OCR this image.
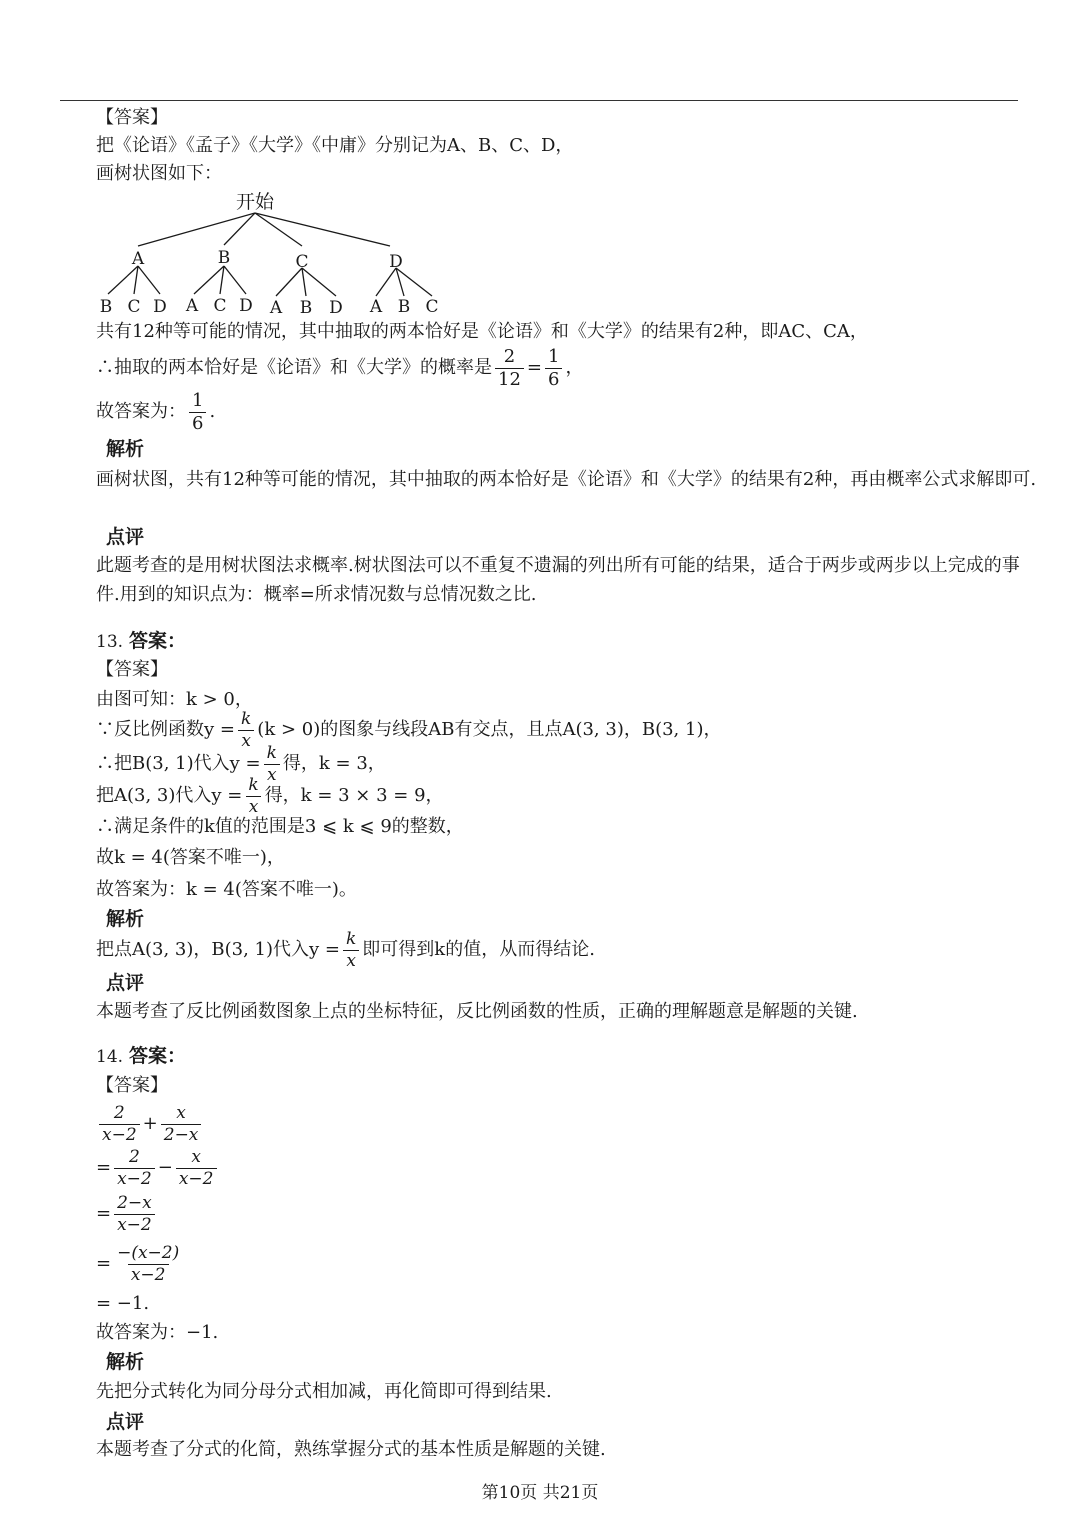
【答案】
把《论语》《孟子》《大学》《中庸》分别记为A、B、C、D，
画树状图如下：
开始
A	B	C	D
B C D A C D A B D A B C
共有12种等可能的情况，其中抽取的两本恰好是《论语》和《大学》的结果有2种，即AC、CA，
∴抽取的两本恰好是《论语》和《大学》的概率是 $\frac{2}{12} = \frac{1}{6}$ ，
故答案为： $\frac{1}{6}$ .
解析
画树状图，共有12种等可能的情况，其中抽取的两本恰好是《论语》和《大学》的结果有2种，再由概率公式求解即可.
点评
此题考查的是用树状图法求概率.树状图法可以不重复不遗漏的列出所有可能的结果，适合于两步或两步以上完成的事件.用到的知识点为：概率=所求情况数与总情况数之比.
13. 答案：
【答案】
由图可知：k > 0，
∵反比例函数$y = \frac{k}{x} (k > 0)$的图象与线段AB有交点，且点A(3, 3)，B(3, 1)，
∴把B(3, 1)代入$y = \frac{k}{x}$ 得，k = 3，
把A(3, 3)代入$y = \frac{k}{x}$ 得，k = 3 × 3 = 9，
∴满足条件的k值的范围是3 ⩽ k ⩽ 9的整数，
故k = 4(答案不唯一)，
故答案为：k = 4(答案不唯一)。
解析
把点A(3, 3)，B(3, 1)代入$y = \frac{k}{x}$ 即可得到k的值，从而得结论.
点评
本题考查了反比例函数图象上点的坐标特征，反比例函数的性质，正确的理解题意是解题的关键.
14. 答案：
【答案】
$\frac{2}{x-2} + \frac{x}{2-x}$
= $\frac{2}{x-2} - \frac{x}{x-2}$
= $\frac{2-x}{x-2}$
= $\frac{-(x-2)}{x-2}$
= −1.
故答案为：−1.
解析
先把分式转化为同分母分式相加减，再化简即可得到结果.
点评
本题考查了分式的化简，熟练掌握分式的基本性质是解题的关键.
第10页 共21页
